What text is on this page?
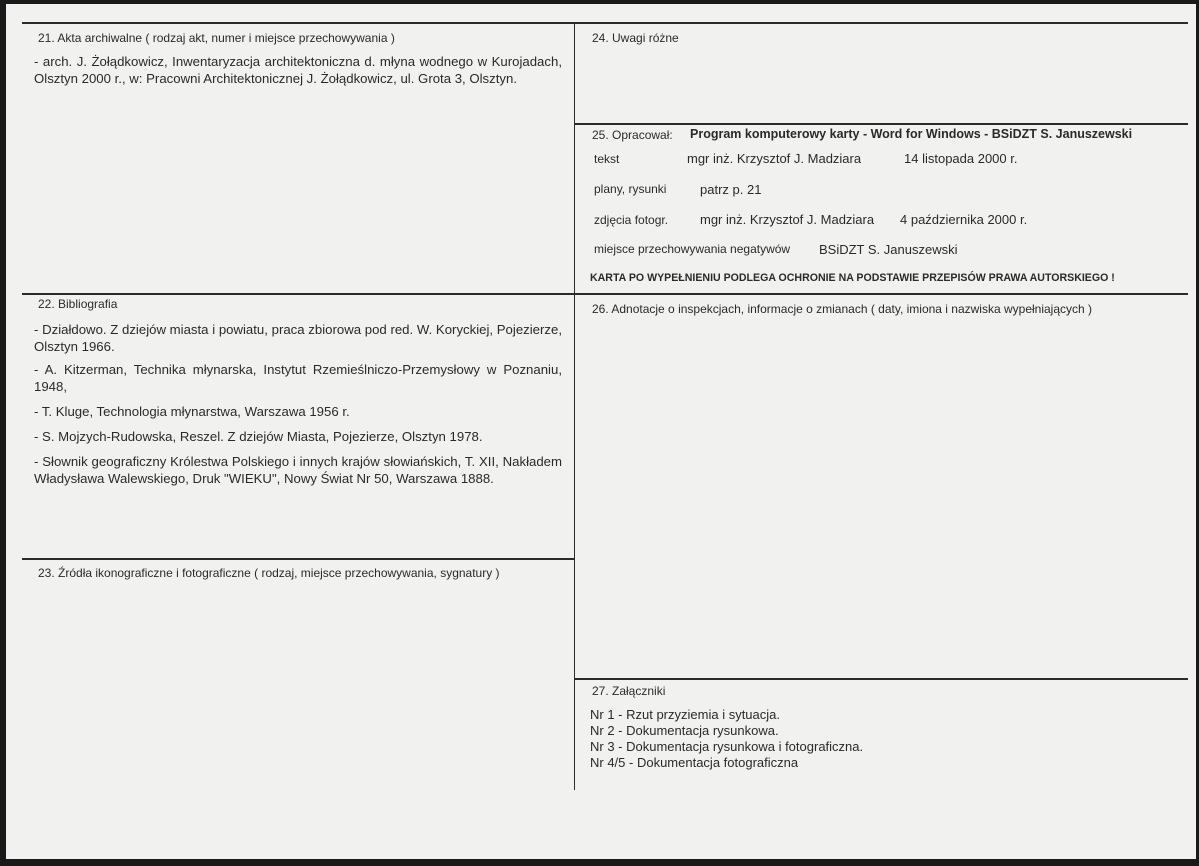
21. Akta archiwalne ( rodzaj akt, numer i miejsce przechowywania )
- arch. J. Żołądkowicz, Inwentaryzacja architektoniczna d. młyna wodnego w Kurojadach, Olsztyn 2000 r., w: Pracowni Architektonicznej J. Żołądkowicz, ul. Grota 3, Olsztyn.
22. Bibliografia
- Działdowo. Z dziejów miasta i powiatu, praca zbiorowa pod red. W. Koryckiej, Pojezierze, Olsztyn 1966.
- A. Kitzerman, Technika młynarska, Instytut Rzemieślniczo-Przemysłowy w Poznaniu, 1948,
- T. Kluge, Technologia młynarstwa, Warszawa 1956 r.
- S. Mojzych-Rudowska, Reszel. Z dziejów Miasta, Pojezierze, Olsztyn 1978.
- Słownik geograficzny Królestwa Polskiego i innych krajów słowiańskich, T. XII, Nakładem Władysława Walewskiego, Druk "WIEKU", Nowy Świat Nr 50, Warszawa 1888.
23. Źródła ikonograficzne i fotograficzne ( rodzaj, miejsce przechowywania, sygnatury )
24. Uwagi różne
25. Opracował: Program komputerowy karty - Word for Windows - BSiDZT S. Januszewski
tekst	mgr inż. Krzysztof J. Madziara	14 listopada 2000 r.
plany, rysunki	patrz p. 21
zdjęcia fotogr. mgr inż. Krzysztof J. Madziara 4 października 2000 r.
miejsce przechowywania negatywów BSiDZT S. Januszewski
KARTA PO WYPEŁNIENIU PODLEGA OCHRONIE NA PODSTAWIE PRZEPISÓW PRAWA AUTORSKIEGO !
26. Adnotacje o inspekcjach, informacje o zmianach ( daty, imiona i nazwiska wypełniających )
27. Załączniki
Nr 1 - Rzut przyziemia i sytuacja.
Nr 2 - Dokumentacja rysunkowa.
Nr 3 - Dokumentacja rysunkowa i fotograficzna.
Nr 4/5 - Dokumentacja fotograficzna
